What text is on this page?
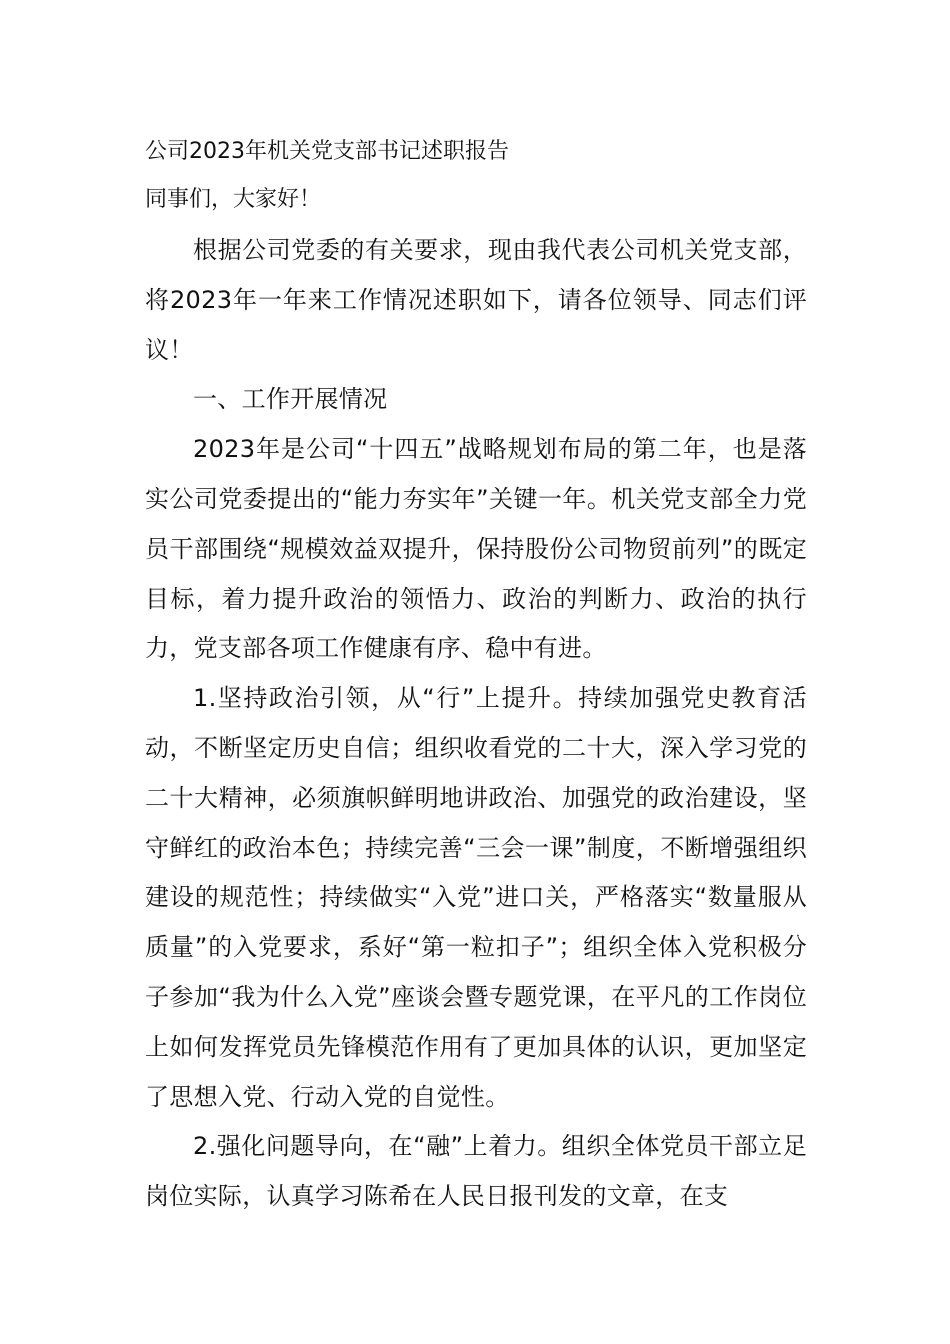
公司2023年机关党支部书记述职报告

同事们，大家好！

根据公司党委的有关要求，现由我代表公司机关党支部，将2023年一年来工作情况述职如下，请各位领导、同志们评议！

一、工作开展情况

2023年是公司“十四五”战略规划布局的第二年，也是落实公司党委提出的“能力夯实年”关键一年。机关党支部全力党员干部围绕“规模效益双提升，保持股份公司物贸前列”的既定目标，着力提升政治的领悟力、政治的判断力、政治的执行力，党支部各项工作健康有序、稳中有进。

1.坚持政治引领，从“行”上提升。持续加强党史教育活动，不断坚定历史自信；组织收看党的二十大，深入学习党的二十大精神，必须旗帜鲜明地讲政治、加强党的政治建设，坚守鲜红的政治本色；持续完善“三会一课”制度，不断增强组织建设的规范性；持续做实“入党”进口关，严格落实“数量服从质量”的入党要求，系好“第一粒扣子”；组织全体入党积极分子参加“我为什么入党”座谈会暨专题党课，在平凡的工作岗位上如何发挥党员先锋模范作用有了更加具体的认识，更加坚定了思想入党、行动入党的自觉性。

2.强化问题导向，在“融”上着力。组织全体党员干部立足岗位实际，认真学习陈希在人民日报刊发的文章，在支
